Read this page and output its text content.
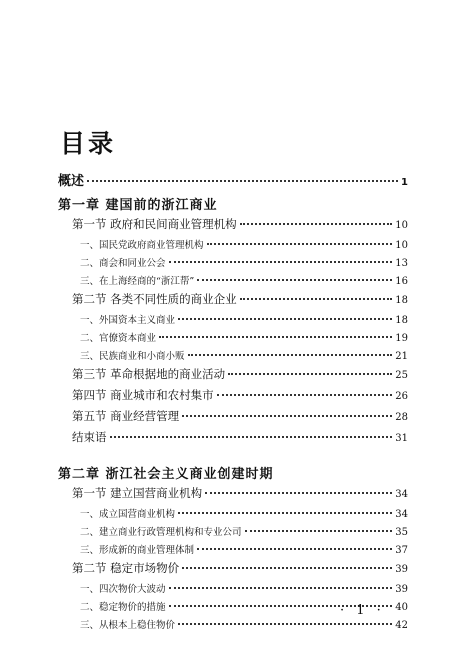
目录
概述	1
第一章 建国前的浙江商业
第一节 政府和民间商业管理机构	10
一、国民党政府商业管理机构	10
二、商会和同业公会	13
三、在上海经商的“浙江帮”	16
第二节 各类不同性质的商业企业	18
一、外国资本主义商业	18
二、官僚资本商业	19
三、民族商业和小商小贩	21
第三节 革命根据地的商业活动	25
第四节 商业城市和农村集市	26
第五节 商业经营管理	28
结束语	31
第二章 浙江社会主义商业创建时期
第一节 建立国营商业机构	34
一、成立国营商业机构	34
二、建立商业行政管理机构和专业公司	35
三、形成新的商业管理体制	37
第二节 稳定市场物价	39
一、四次物价大波动	39
二、稳定物价的措施	40
三、从根本上稳住物价	42
· 1 ·
